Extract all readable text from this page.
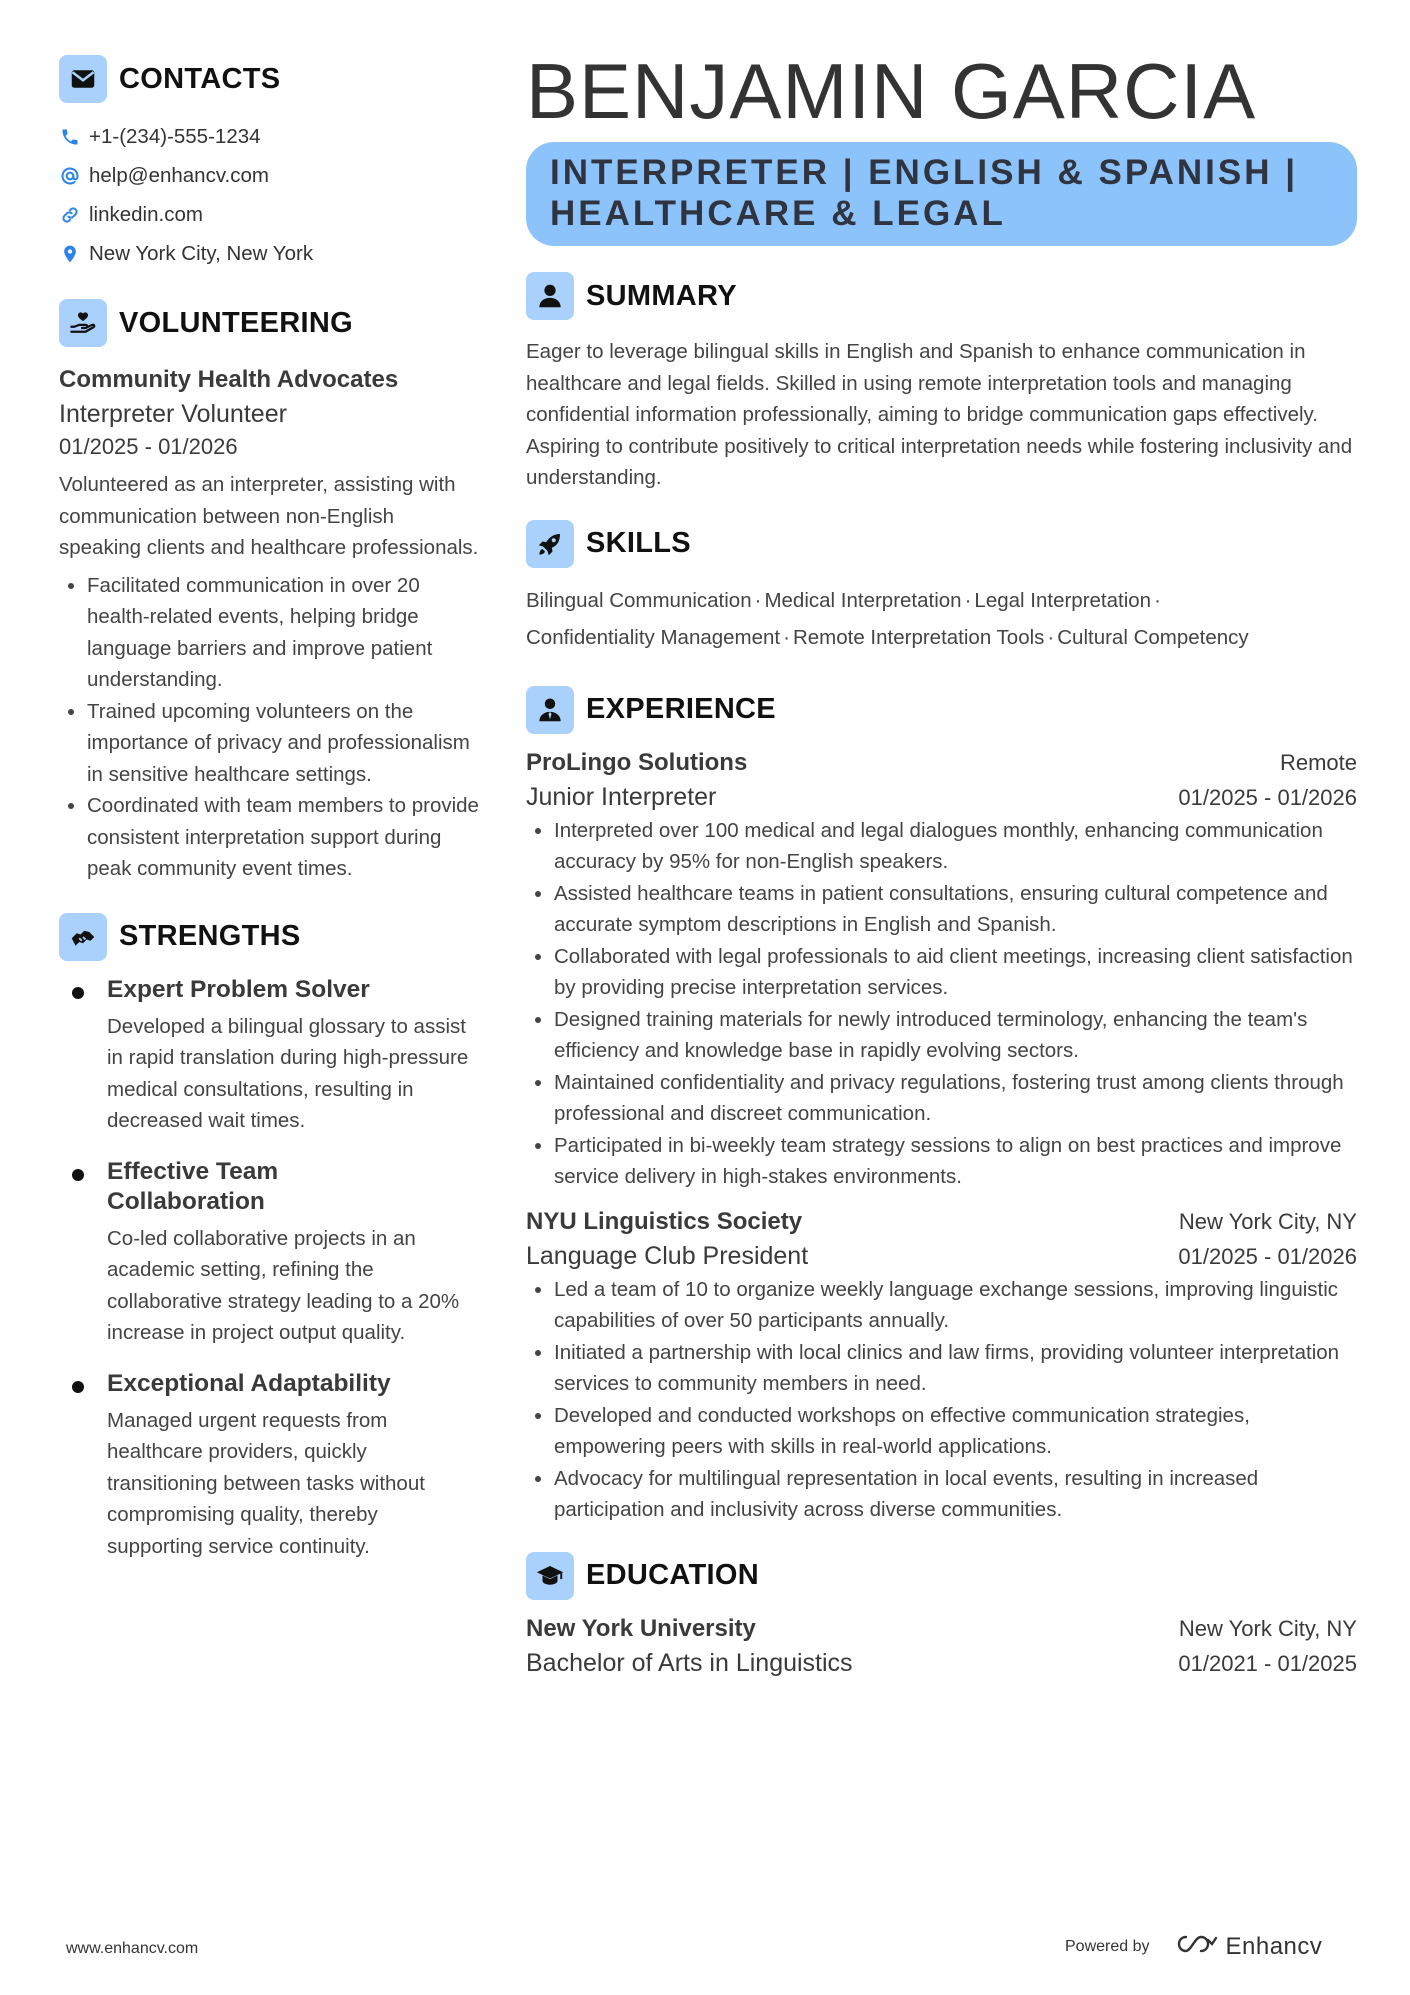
CONTACTS
+1-(234)-555-1234
help@enhancv.com
linkedin.com
New York City, New York
VOLUNTEERING
Community Health Advocates
Interpreter Volunteer
01/2025 - 01/2026
Volunteered as an interpreter, assisting with communication between non-English speaking clients and healthcare professionals.
Facilitated communication in over 20 health-related events, helping bridge language barriers and improve patient understanding.
Trained upcoming volunteers on the importance of privacy and professionalism in sensitive healthcare settings.
Coordinated with team members to provide consistent interpretation support during peak community event times.
STRENGTHS
Expert Problem Solver
Developed a bilingual glossary to assist in rapid translation during high-pressure medical consultations, resulting in decreased wait times.
Effective Team Collaboration
Co-led collaborative projects in an academic setting, refining the collaborative strategy leading to a 20% increase in project output quality.
Exceptional Adaptability
Managed urgent requests from healthcare providers, quickly transitioning between tasks without compromising quality, thereby supporting service continuity.
BENJAMIN GARCIA
INTERPRETER | ENGLISH & SPANISH |
HEALTHCARE & LEGAL
SUMMARY
Eager to leverage bilingual skills in English and Spanish to enhance communication in healthcare and legal fields. Skilled in using remote interpretation tools and managing confidential information professionally, aiming to bridge communication gaps effectively. Aspiring to contribute positively to critical interpretation needs while fostering inclusivity and understanding.
SKILLS
Bilingual Communication · Medical Interpretation · Legal Interpretation ·
Confidentiality Management · Remote Interpretation Tools · Cultural Competency
EXPERIENCE
ProLingo Solutions	Remote
Junior Interpreter	01/2025 - 01/2026
Interpreted over 100 medical and legal dialogues monthly, enhancing communication accuracy by 95% for non-English speakers.
Assisted healthcare teams in patient consultations, ensuring cultural competence and accurate symptom descriptions in English and Spanish.
Collaborated with legal professionals to aid client meetings, increasing client satisfaction by providing precise interpretation services.
Designed training materials for newly introduced terminology, enhancing the team's efficiency and knowledge base in rapidly evolving sectors.
Maintained confidentiality and privacy regulations, fostering trust among clients through professional and discreet communication.
Participated in bi-weekly team strategy sessions to align on best practices and improve service delivery in high-stakes environments.
NYU Linguistics Society	New York City, NY
Language Club President	01/2025 - 01/2026
Led a team of 10 to organize weekly language exchange sessions, improving linguistic capabilities of over 50 participants annually.
Initiated a partnership with local clinics and law firms, providing volunteer interpretation services to community members in need.
Developed and conducted workshops on effective communication strategies, empowering peers with skills in real-world applications.
Advocacy for multilingual representation in local events, resulting in increased participation and inclusivity across diverse communities.
EDUCATION
New York University	New York City, NY
Bachelor of Arts in Linguistics	01/2021 - 01/2025
www.enhancv.com	Powered by	Enhancv
